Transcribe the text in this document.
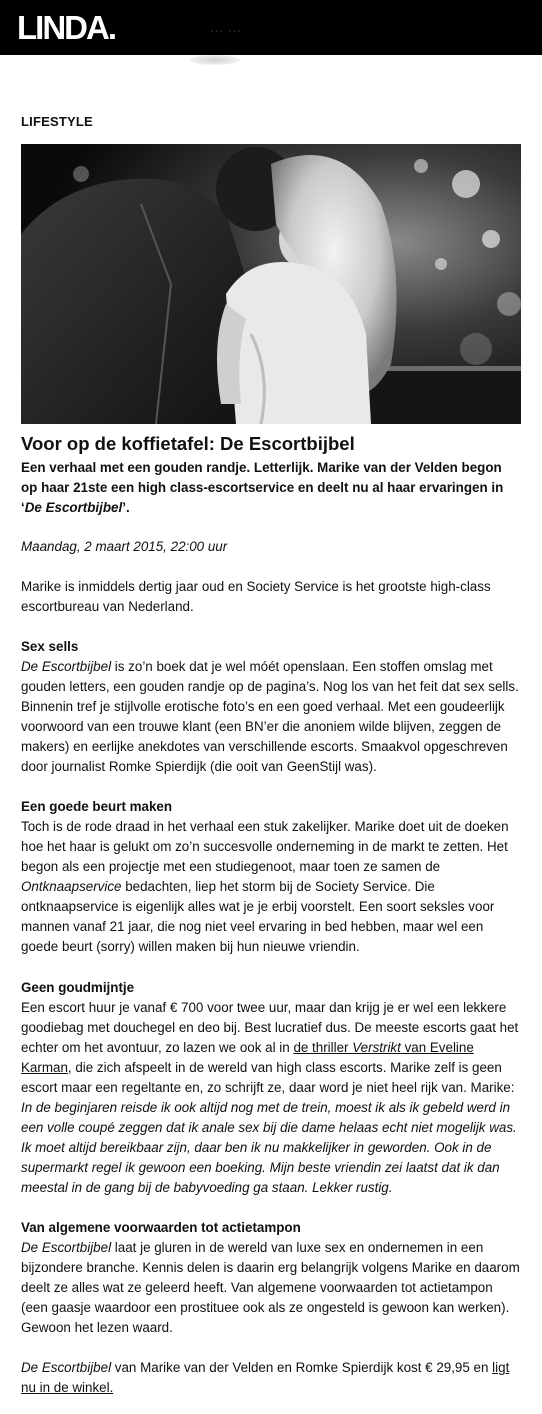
LINDA.	... ...
LIFESTYLE
Voor op de koffietafel: De Escortbijbel

Een verhaal met een gouden randje. Letterlijk. Marike van der Velden begon op haar 21ste een high class-escortservice en deelt nu al haar ervaringen in ‘De Escortbijbel’.

Maandag, 2 maart 2015, 22:00 uur

Marike is inmiddels dertig jaar oud en Society Service is het grootste high-class escortbureau van Nederland.

Sex sells
De Escortbijbel is zo’n boek dat je wel móét openslaan. Een stoffen omslag met gouden letters, een gouden randje op de pagina’s. Nog los van het feit dat sex sells. Binnenin tref je stijlvolle erotische foto’s en een goed verhaal. Met een goudeerlijk voorwoord van een trouwe klant (een BN’er die anoniem wilde blijven, zeggen de makers) en eerlijke anekdotes van verschillende escorts. Smaakvol opgeschreven door journalist Romke Spierdijk (die ooit van GeenStijl was).

Een goede beurt maken
Toch is de rode draad in het verhaal een stuk zakelijker. Marike doet uit de doeken hoe het haar is gelukt om zo’n succesvolle onderneming in de markt te zetten. Het begon als een projectje met een studiegenoot, maar toen ze samen de Ontknaapservice bedachten, liep het storm bij de Society Service. Die ontknaapservice is eigenlijk alles wat je je erbij voorstelt. Een soort seksles voor mannen vanaf 21 jaar, die nog niet veel ervaring in bed hebben, maar wel een goede beurt (sorry) willen maken bij hun nieuwe vriendin.

Geen goudmijntje
Een escort huur je vanaf € 700 voor twee uur, maar dan krijg je er wel een lekkere goodiebag met douchegel en deo bij. Best lucratief dus. De meeste escorts gaat het echter om het avontuur, zo lazen we ook al in de thriller Verstrikt van Eveline Karman, die zich afspeelt in de wereld van high class escorts. Marike zelf is geen escort maar een regeltante en, zo schrijft ze, daar word je niet heel rijk van. Marike: In de beginjaren reisde ik ook altijd nog met de trein, moest ik als ik gebeld werd in een volle coupé zeggen dat ik anale sex bij die dame helaas echt niet mogelijk was. Ik moet altijd bereikbaar zijn, daar ben ik nu makkelijker in geworden. Ook in de supermarkt regel ik gewoon een boeking. Mijn beste vriendin zei laatst dat ik dan meestal in de gang bij de babyvoeding ga staan. Lekker rustig.

Van algemene voorwaarden tot actietampon
De Escortbijbel laat je gluren in de wereld van luxe sex en ondernemen in een bijzondere branche. Kennis delen is daarin erg belangrijk volgens Marike en daarom deelt ze alles wat ze geleerd heeft. Van algemene voorwaarden tot actietampon (een gaasje waardoor een prostituee ook als ze ongesteld is gewoon kan werken). Gewoon het lezen waard.

De Escortbijbel van Marike van der Velden en Romke Spierdijk kost € 29,95 en ligt nu in de winkel.
